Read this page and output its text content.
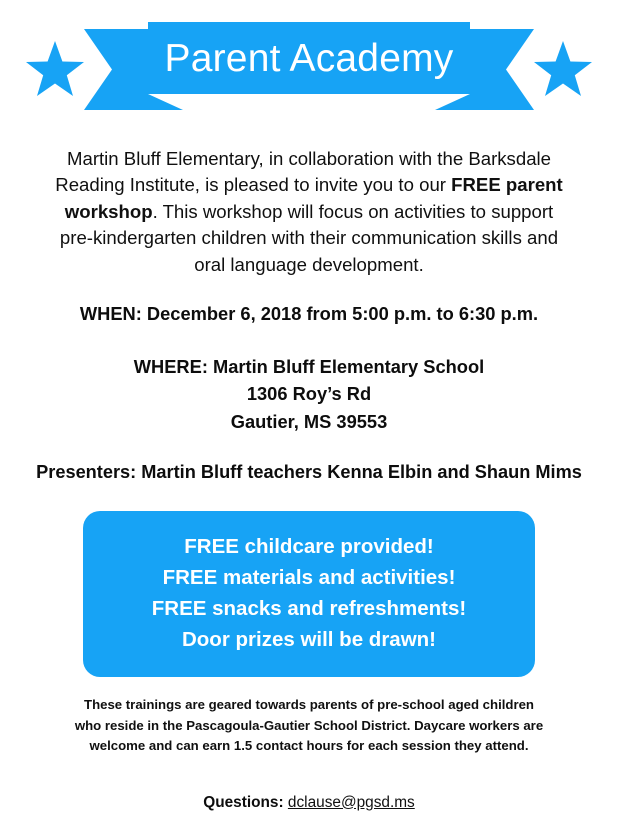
Parent Academy

Martin Bluff Elementary, in collaboration with the Barksdale Reading Institute, is pleased to invite you to our FREE parent workshop. This workshop will focus on activities to support pre-kindergarten children with their communication skills and oral language development.

WHEN: December 6, 2018 from 5:00 p.m. to 6:30 p.m.
WHERE: Martin Bluff Elementary School
1306 Roy’s Rd
Gautier, MS 39553
Presenters: Martin Bluff teachers Kenna Elbin and Shaun Mims
FREE childcare provided!
FREE materials and activities!
FREE snacks and refreshments!
Door prizes will be drawn!
These trainings are geared towards parents of pre-school aged children who reside in the Pascagoula-Gautier School District. Daycare workers are welcome and can earn 1.5 contact hours for each session they attend.
Questions: dclause@pgsd.ms
